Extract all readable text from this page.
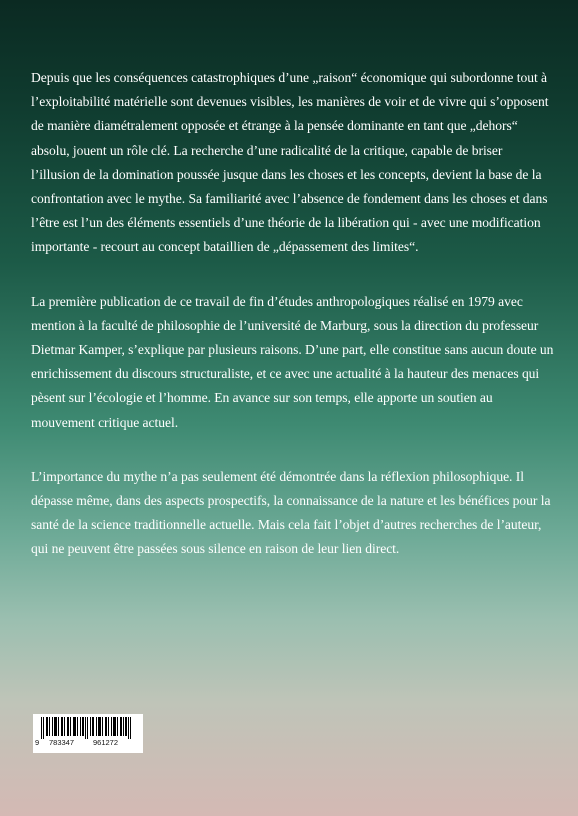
Depuis que les conséquences catastrophiques d’une „raison“ économique qui subordonne tout à l’exploitabilité matérielle sont devenues visibles, les manières de voir et de vivre qui s’opposent de manière diamétralement opposée et étrange à la pensée dominante en tant que „dehors“ absolu, jouent un rôle clé. La recherche d’une radicalité de la critique, capable de briser l’illusion de la domination poussée jusque dans les choses et les concepts, devient la base de la confrontation avec le mythe. Sa familiarité avec l’absence de fondement dans les choses et dans l’être est l’un des éléments essentiels d’une théorie de la libération qui - avec une modification importante - recourt au concept bataillien de „dépassement des limites“.

La première publication de ce travail de fin d’études anthropologiques réalisé en 1979 avec mention à la faculté de philosophie de l’université de Marburg, sous la direction du professeur Dietmar Kamper, s’explique par plusieurs raisons. D’une part, elle constitue sans aucun doute un enrichissement du discours structuraliste, et ce avec une actualité à la hauteur des menaces qui pèsent sur l’écologie et l’homme. En avance sur son temps, elle apporte un soutien au mouvement critique actuel.

L’importance du mythe n’a pas seulement été démontrée dans la réflexion philosophique. Il dépasse même, dans des aspects prospectifs, la connaissance de la nature et les bénéfices pour la santé de la science traditionnelle actuelle. Mais cela fait l’objet d’autres recherches de l’auteur, qui ne peuvent être passées sous silence en raison de leur lien direct.

9 783347	961272
